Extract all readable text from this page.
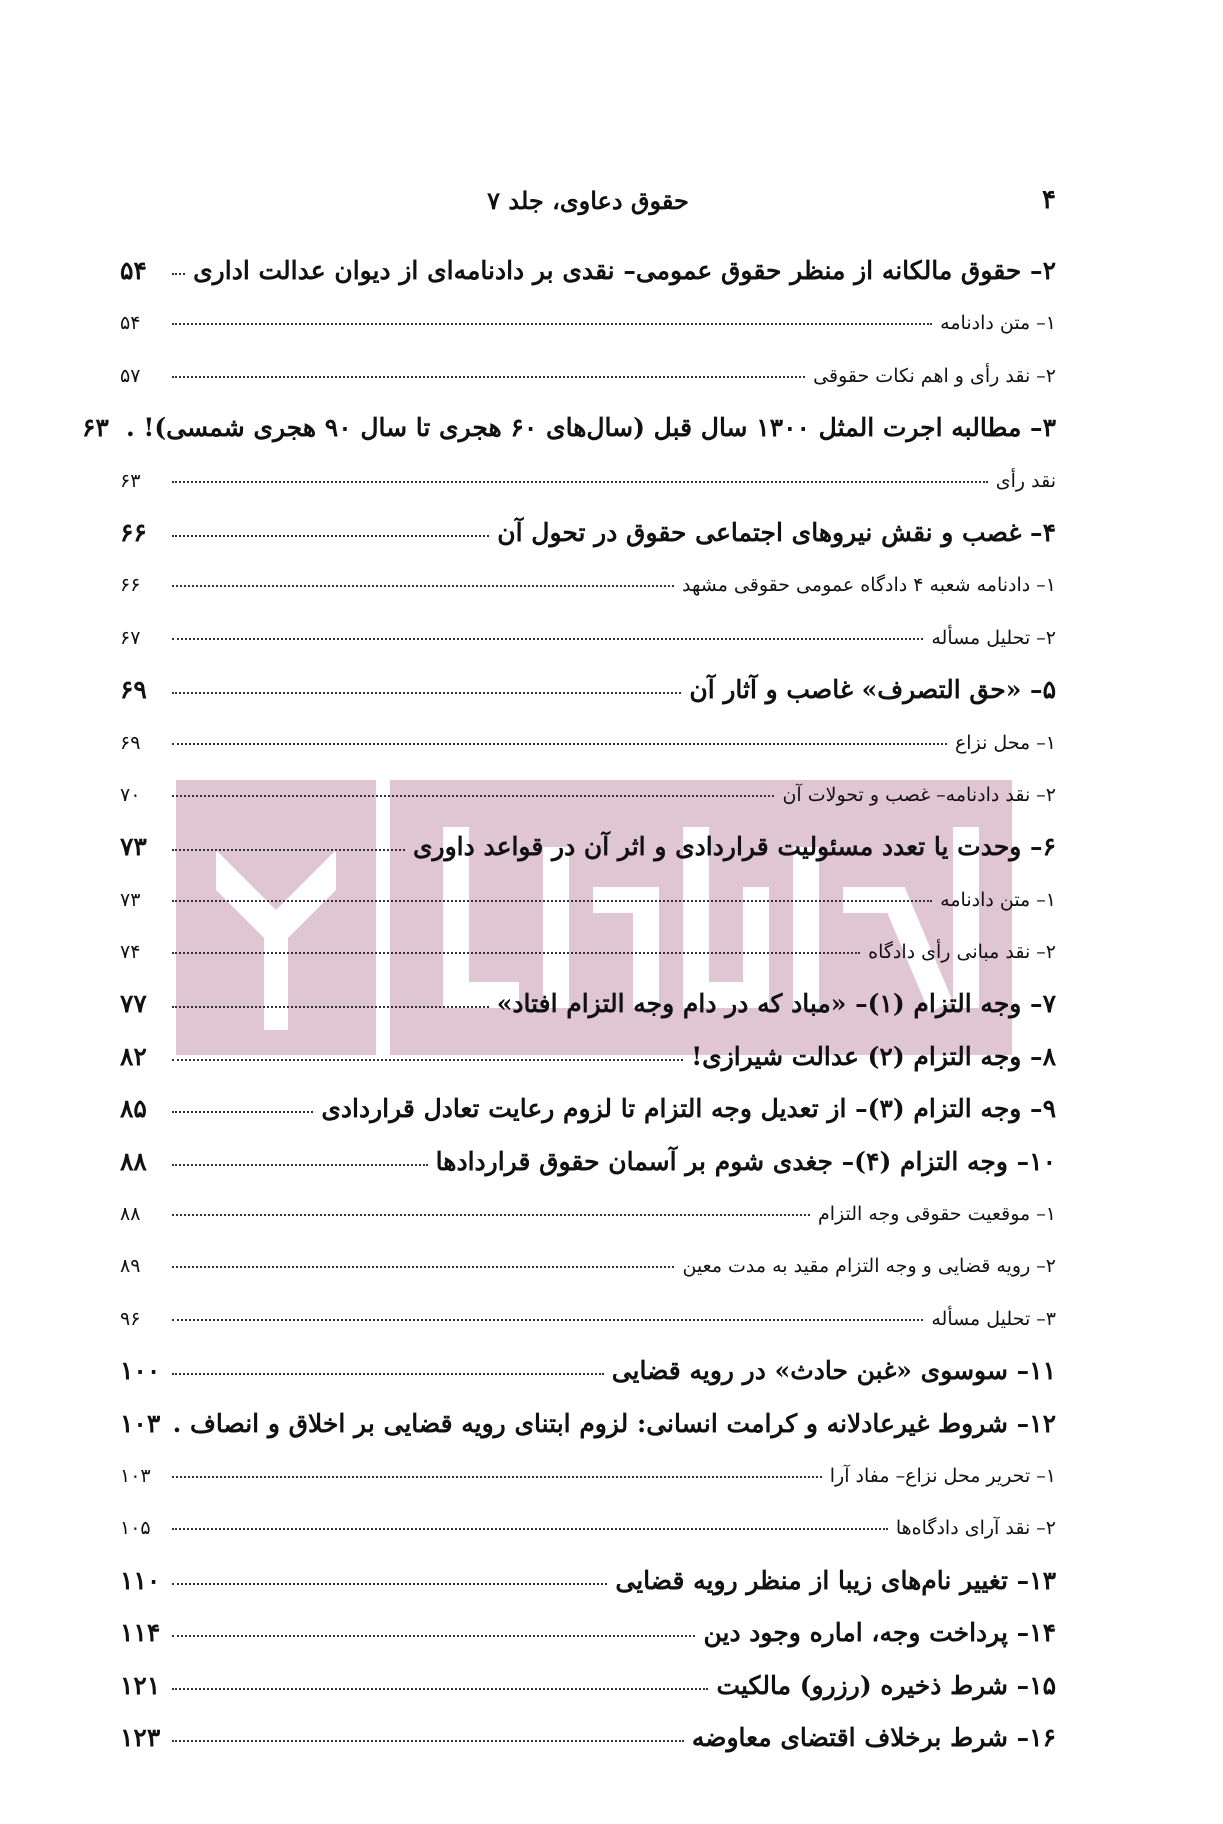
۴
حقوق دعاوی، جلد ۷
۲– حقوق مالکانه از منظر حقوق عمومی– نقدی بر دادنامه‌ای از دیوان عدالت اداری
۵۴
۱– متن دادنامه
۵۴
۲– نقد رأی و اهم نکات حقوقی
۵۷
۳– مطالبه اجرت المثل ۱۳۰۰ سال قبل (سال‌های ۶۰ هجری تا سال ۹۰ هجری شمسی)! .
۶۳
نقد رأی
۶۳
۴– غصب و نقش نیروهای اجتماعی حقوق در تحول آن
۶۶
۱– دادنامه شعبه ۴ دادگاه عمومی حقوقی مشهد
۶۶
۲– تحلیل مسأله
۶۷
۵– «حق التصرف» غاصب و آثار آن
۶۹
۱– محل نزاع
۶۹
۲– نقد دادنامه– غصب و تحولات آن
۷۰
۶– وحدت یا تعدد مسئولیت قراردادی و اثر آن در قواعد داوری
۷۳
۱– متن دادنامه
۷۳
۲– نقد مبانی رأی دادگاه
۷۴
۷– وجه التزام (۱)– «مباد که در دام وجه التزام افتاد»
۷۷
۸– وجه التزام (۲) عدالت شیرازی!
۸۲
۹– وجه التزام (۳)– از تعدیل وجه التزام تا لزوم رعایت تعادل قراردادی
۸۵
۱۰– وجه التزام (۴)– جغدی شوم بر آسمان حقوق قراردادها
۸۸
۱– موقعیت حقوقی وجه التزام
۸۸
۲– رویه قضایی و وجه التزام مقید به مدت معین
۸۹
۳– تحلیل مسأله
۹۶
۱۱– سوسوی «غبن حادث» در رویه قضایی
۱۰۰
۱۲– شروط غیرعادلانه و کرامت انسانی: لزوم ابتنای رویه قضایی بر اخلاق و انصاف .
۱۰۳
۱– تحریر محل نزاع– مفاد آرا
۱۰۳
۲– نقد آرای دادگاه‌ها
۱۰۵
۱۳– تغییر نام‌های زیبا از منظر رویه قضایی
۱۱۰
۱۴– پرداخت وجه، اماره وجود دین
۱۱۴
۱۵– شرط ذخیره (رزرو) مالکیت
۱۲۱
۱۶– شرط برخلاف اقتضای معاوضه
۱۲۳
